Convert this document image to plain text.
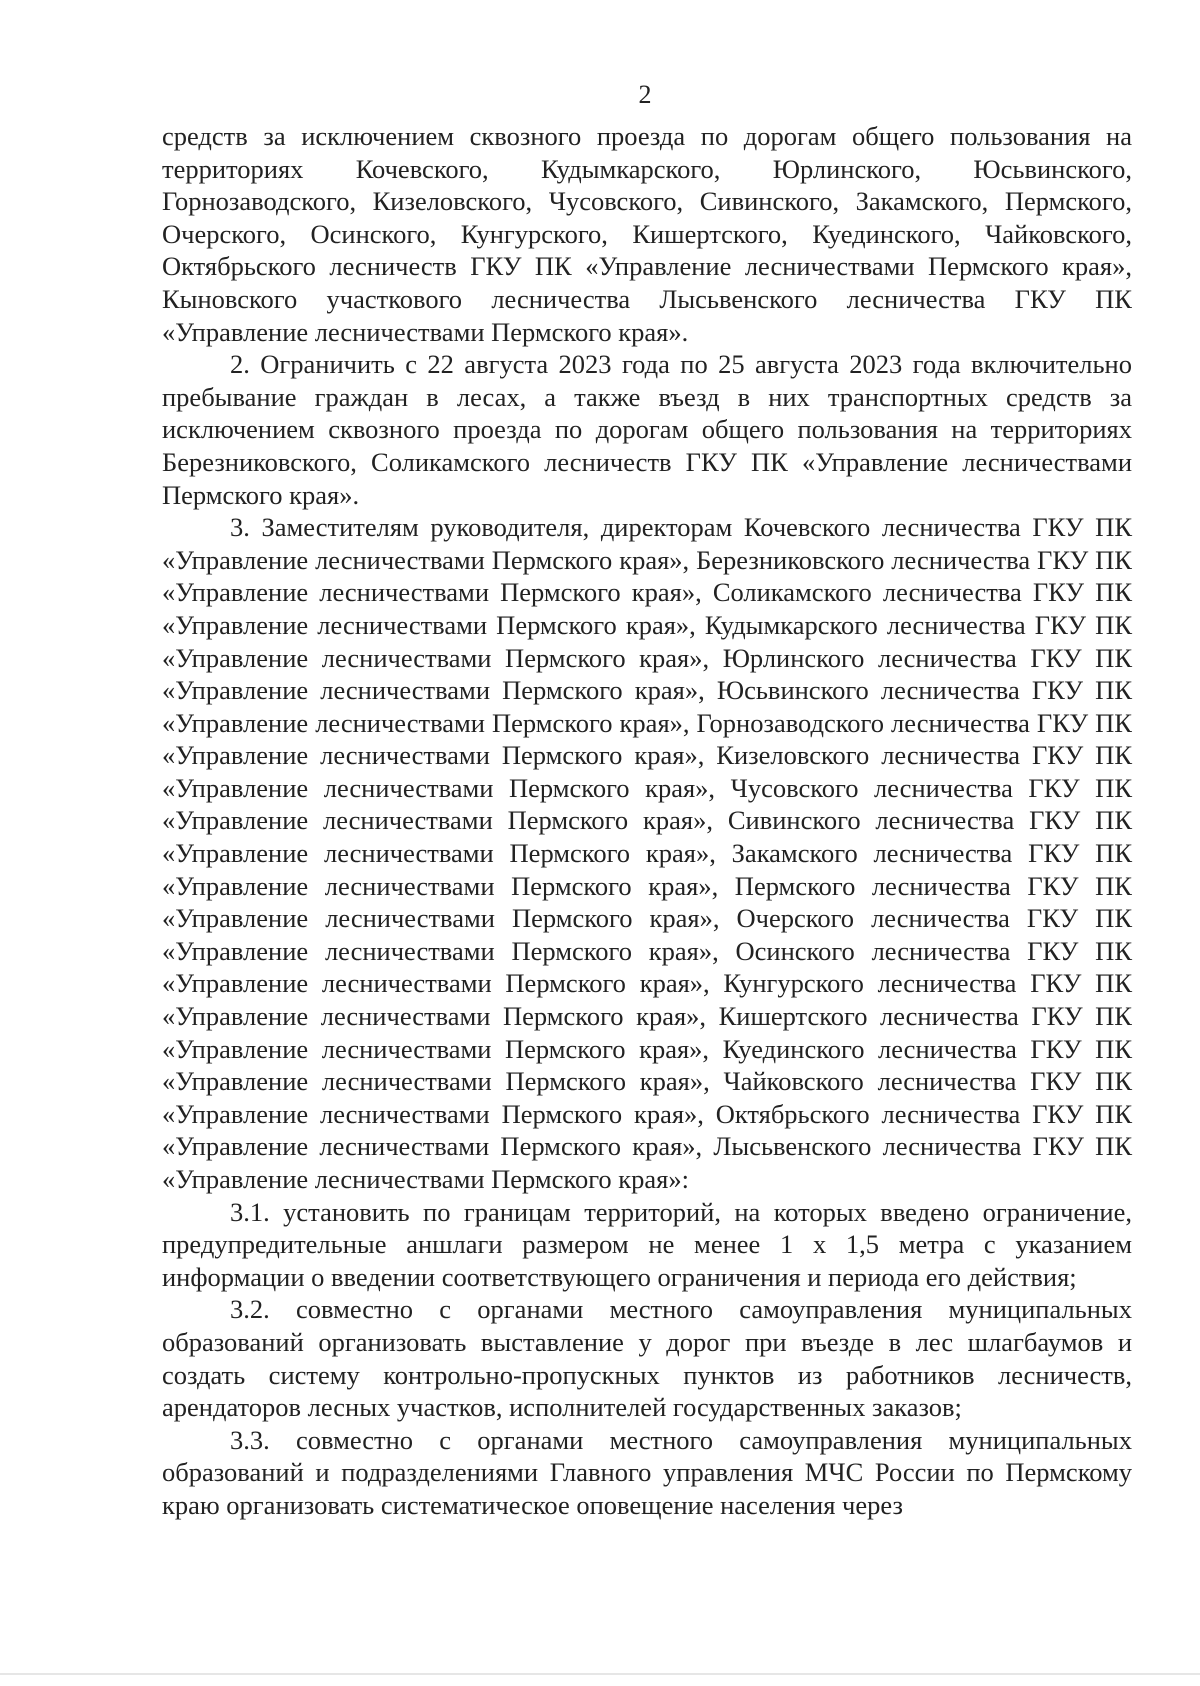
2

средств за исключением сквозного проезда по дорогам общего пользования на территориях Кочевского, Кудымкарского, Юрлинского, Юсьвинского, Горнозаводского, Кизеловского, Чусовского, Сивинского, Закамского, Пермского, Очерского, Осинского, Кунгурского, Кишертского, Куединского, Чайковского, Октябрьского лесничеств ГКУ ПК «Управление лесничествами Пермского края», Кыновского участкового лесничества Лысьвенского лесничества ГКУ ПК «Управление лесничествами Пермского края».

2. Ограничить с 22 августа 2023 года по 25 августа 2023 года включительно пребывание граждан в лесах, а также въезд в них транспортных средств за исключением сквозного проезда по дорогам общего пользования на территориях Березниковского, Соликамского лесничеств ГКУ ПК «Управление лесничествами Пермского края».

3. Заместителям руководителя, директорам Кочевского лесничества ГКУ ПК «Управление лесничествами Пермского края», Березниковского лесничества ГКУ ПК «Управление лесничествами Пермского края», Соликамского лесничества ГКУ ПК «Управление лесничествами Пермского края», Кудымкарского лесничества ГКУ ПК «Управление лесничествами Пермского края», Юрлинского лесничества ГКУ ПК «Управление лесничествами Пермского края», Юсьвинского лесничества ГКУ ПК «Управление лесничествами Пермского края», Горнозаводского лесничества ГКУ ПК «Управление лесничествами Пермского края», Кизеловского лесничества ГКУ ПК «Управление лесничествами Пермского края», Чусовского лесничества ГКУ ПК «Управление лесничествами Пермского края», Сивинского лесничества ГКУ ПК «Управление лесничествами Пермского края», Закамского лесничества ГКУ ПК «Управление лесничествами Пермского края», Пермского лесничества ГКУ ПК «Управление лесничествами Пермского края», Очерского лесничества ГКУ ПК «Управление лесничествами Пермского края», Осинского лесничества ГКУ ПК «Управление лесничествами Пермского края», Кунгурского лесничества ГКУ ПК «Управление лесничествами Пермского края», Кишертского лесничества ГКУ ПК «Управление лесничествами Пермского края», Куединского лесничества ГКУ ПК «Управление лесничествами Пермского края», Чайковского лесничества ГКУ ПК «Управление лесничествами Пермского края», Октябрьского лесничества ГКУ ПК «Управление лесничествами Пермского края», Лысьвенского лесничества ГКУ ПК «Управление лесничествами Пермского края»:

3.1. установить по границам территорий, на которых введено ограничение, предупредительные аншлаги размером не менее 1 х 1,5 метра с указанием информации о введении соответствующего ограничения и периода его действия;

3.2. совместно с органами местного самоуправления муниципальных образований организовать выставление у дорог при въезде в лес шлагбаумов и создать систему контрольно-пропускных пунктов из работников лесничеств, арендаторов лесных участков, исполнителей государственных заказов;

3.3. совместно с органами местного самоуправления муниципальных образований и подразделениями Главного управления МЧС России по Пермскому краю организовать систематическое оповещение населения через
